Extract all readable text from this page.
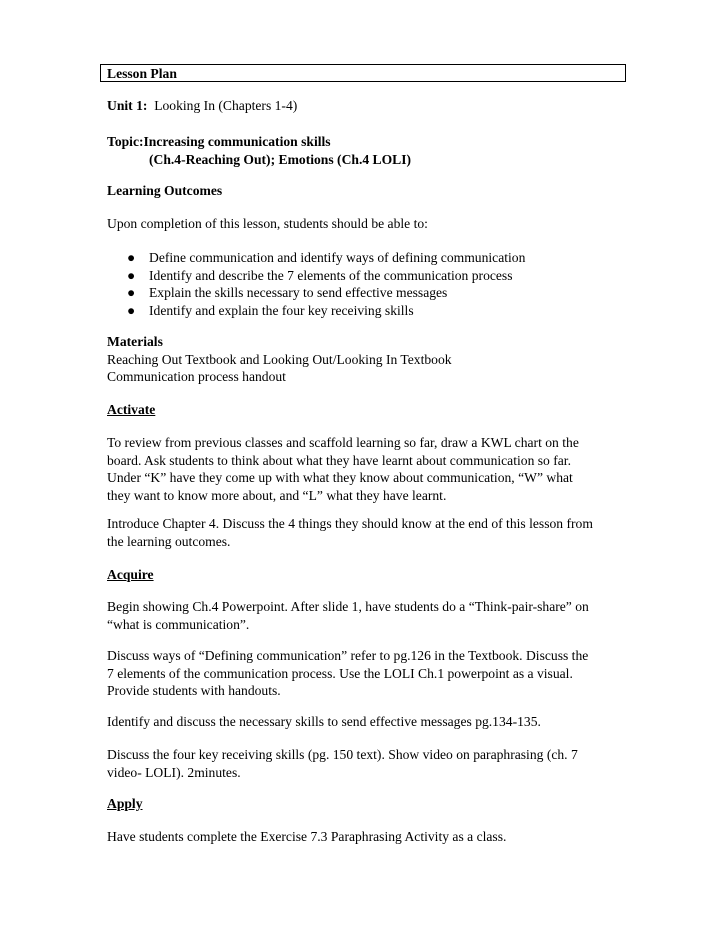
Lesson Plan
Unit 1: Looking In (Chapters 1-4)
Topic:Increasing communication skills
(Ch.4-Reaching Out); Emotions (Ch.4 LOLI)
Learning Outcomes
Upon completion of this lesson, students should be able to:
● Define communication and identify ways of defining communication
● Identify and describe the 7 elements of the communication process
● Explain the skills necessary to send effective messages
● Identify and explain the four key receiving skills
Materials
Reaching Out Textbook and Looking Out/Looking In Textbook
Communication process handout
Activate
To review from previous classes and scaffold learning so far, draw a KWL chart on the
board. Ask students to think about what they have learnt about communication so far.
Under “K” have they come up with what they know about communication, “W” what
they want to know more about, and “L” what they have learnt.
Introduce Chapter 4. Discuss the 4 things they should know at the end of this lesson from
the learning outcomes.
Acquire
Begin showing Ch.4 Powerpoint. After slide 1, have students do a “Think-pair-share” on
“what is communication”.
Discuss ways of “Defining communication” refer to pg.126 in the Textbook. Discuss the
7 elements of the communication process. Use the LOLI Ch.1 powerpoint as a visual.
Provide students with handouts.
Identify and discuss the necessary skills to send effective messages pg.134-135.
Discuss the four key receiving skills (pg. 150 text). Show video on paraphrasing (ch. 7
video- LOLI). 2minutes.
Apply
Have students complete the Exercise 7.3 Paraphrasing Activity as a class.
